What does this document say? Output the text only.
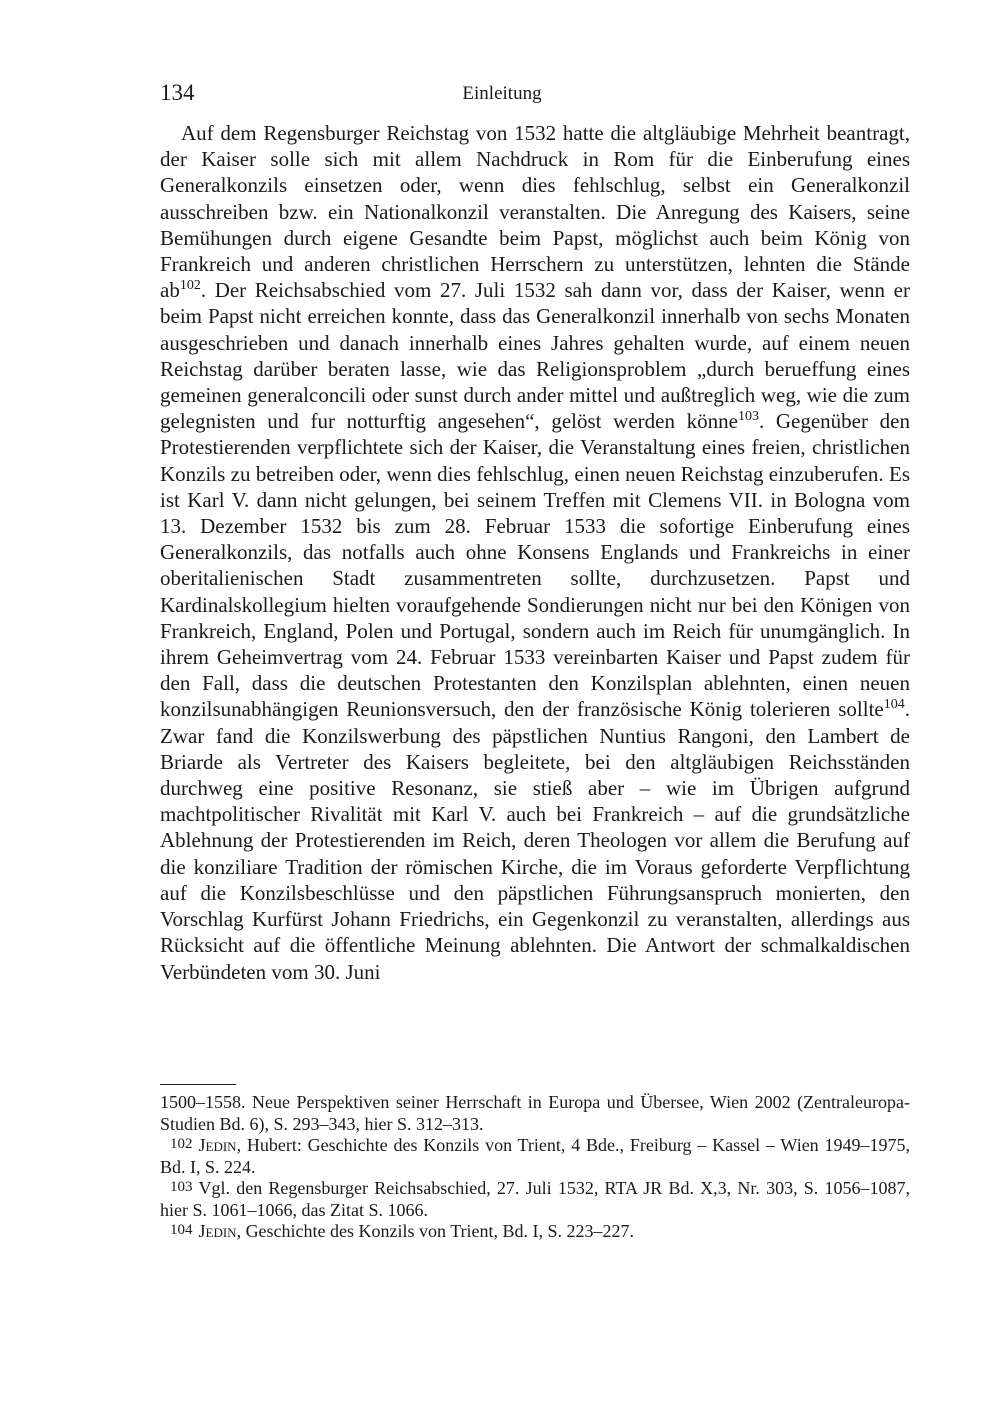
134	Einleitung

 Auf dem Regensburger Reichstag von 1532 hatte die altgläubige Mehrheit beantragt, der Kaiser solle sich mit allem Nachdruck in Rom für die Einberufung eines Generalkonzils einsetzen oder, wenn dies fehlschlug, selbst ein Generalkonzil ausschreiben bzw. ein Nationalkonzil veranstalten. Die Anregung des Kaisers, seine Bemühungen durch eigene Gesandte beim Papst, möglichst auch beim König von Frankreich und anderen christlichen Herrschern zu unterstützen, lehnten die Stände $ab^{102}$. Der Reichsabschied vom 27. Juli 1532 sah dann vor, dass der Kaiser, wenn er beim Papst nicht erreichen konnte, dass das Generalkonzil innerhalb von sechs Monaten ausgeschrieben und danach innerhalb eines Jahres gehalten wurde, auf einem neuen Reichstag darüber beraten lasse, wie das Religionsproblem „durch berueffung eines gemeinen generalconcili oder sunst durch ander mittel und außtreglich weg, wie die zum gelegnisten und fur notturftig angesehen“, gelöst werden könne$^{103}$. Gegenüber den Protestierenden verpflichtete sich der Kaiser, die Veranstaltung eines freien, christlichen Konzils zu betreiben oder, wenn dies fehlschlug, einen neuen Reichstag einzuberufen. Es ist Karl V. dann nicht gelungen, bei seinem Treffen mit Clemens VII. in Bologna vom 13. Dezember 1532 bis zum 28. Februar 1533 die sofortige Einberufung eines Generalkonzils, das notfalls auch ohne Konsens Englands und Frankreichs in einer oberitalienischen Stadt zusammentreten sollte, durchzusetzen. Papst und Kardinalskollegium hielten voraufgehende Sondierungen nicht nur bei den Königen von Frankreich, England, Polen und Portugal, sondern auch im Reich für unumgänglich. In ihrem Geheimvertrag vom 24. Februar 1533 vereinbarten Kaiser und Papst zudem für den Fall, dass die deutschen Protestanten den Konzilsplan ablehnten, einen neuen konzilsunabhängigen Reunionsversuch, den der französische König tolerieren sollte$^{104}$. Zwar fand die Konzilswerbung des päpstlichen Nuntius Rangoni, den Lambert de Briarde als Vertreter des Kaisers begleitete, bei den altgläubigen Reichsständen durchweg eine positive Resonanz, sie stieß aber – wie im Übrigen aufgrund machtpolitischer Rivalität mit Karl V. auch bei Frankreich – auf die grundsätzliche Ablehnung der Protestierenden im Reich, deren Theologen vor allem die Berufung auf die konziliare Tradition der römischen Kirche, die im Voraus geforderte Verpflichtung auf die Konzilsbeschlüsse und den päpstlichen Führungsanspruch monierten, den Vorschlag Kurfürst Johann Friedrichs, ein Gegenkonzil zu veranstalten, allerdings aus Rücksicht auf die öffentliche Meinung ablehnten. Die Antwort der schmalkaldischen Verbündeten vom 30. Juni

1500–1558. Neue Perspektiven seiner Herrschaft in Europa und Übersee, Wien 2002 (Zentraleuropa-Studien Bd. 6), S. 293–343, hier S. 312–313.

102 Jedin, Hubert: Geschichte des Konzils von Trient, 4 Bde., Freiburg – Kassel – Wien 1949–1975, Bd. I, S. 224.

103 Vgl. den Regensburger Reichsabschied, 27. Juli 1532, RTA JR Bd. X,3, Nr. 303, S. 1056–1087, hier S. 1061–1066, das Zitat S. 1066.

104 Jedin, Geschichte des Konzils von Trient, Bd. I, S. 223–227.
